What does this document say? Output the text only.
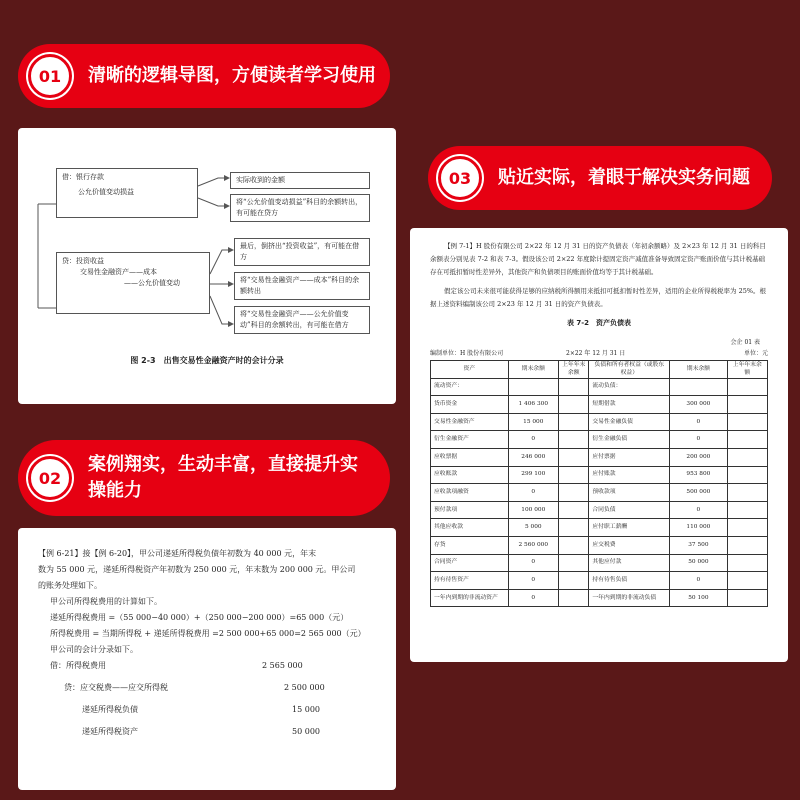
01	清晰的逻辑导图，方便读者学习使用
借：银行存款
公允价值变动损益
贷：投资收益
交易性金融资产——成本
——公允价值变动
实际收到的金额
将“公允价值变动损益”科目的余额转出，有可能在贷方
最后，倒挤出“投资收益”，有可能在借方
将“交易性金融资产——成本”科目的余额转出
将“交易性金融资产——公允价值变动”科目的余额转出，有可能在借方
图 2-3　出售交易性金融资产时的会计分录
02
案例翔实，生动丰富，直接提升实操能力
【例 6-21】接【例 6-20】，甲公司递延所得税负债年初数为 40 000 元，年末
数为 55 000 元，递延所得税资产年初数为 250 000 元，年末数为 200 000 元。甲公司
的账务处理如下。
甲公司所得税费用的计算如下。
递延所得税费用 =（55 000−40 000）+（250 000−200 000）=65 000（元）
所得税费用 = 当期所得税 + 递延所得税费用 =2 500 000+65 000=2 565 000（元）
甲公司的会计分录如下。
借：所得税费用	2 565 000
贷：应交税费——应交所得税	2 500 000
递延所得税负债	15 000
递延所得税资产	50 000
03	贴近实际，着眼于解决实务问题

【例 7-1】H 股份有限公司 2×22 年 12 月 31 日的资产负债表（年初余额略）及 2×23 年 12 月 31 日的科目余额表分别见表 7-2 和表 7-3。假设该公司 2×22 年度除计提固定资产减值准备导致固定资产账面价值与其计税基础存在可抵扣暂时性差异外，其他资产和负债项目的账面价值均等于其计税基础。

假定该公司未来很可能获得足够的应纳税所得额用来抵扣可抵扣暂时性差异，适用的企业所得税税率为 25%。根据上述资料编制该公司 2×23 年 12 月 31 日的资产负债表。

表 7-2　资产负债表
会企 01 表
编制单位：H 股份有限公司	2×22 年 12 月 31 日	单位：元
资产	期末余额	上年年末余额	负债和所有者权益（或股东权益）	期末余额	上年年末余额
流动资产：			流动负债：		
货币资金	1 406 300		短期借款	300 000	
交易性金融资产	15 000		交易性金融负债	0	
衍生金融资产	0		衍生金融负债	0	
应收票据	246 000		应付票据	200 000	
应收账款	299 100		应付账款	953 800	
应收款项融资	0		预收款项	500 000	
预付款项	100 000		合同负债	0	
其他应收款	5 000		应付职工薪酬	110 000	
存货	2 560 000		应交税费	37 500	
合同资产	0		其他应付款	50 000	
持有待售资产	0		持有待售负债	0	
一年内到期的非流动资产	0		一年内到期的非流动负债	50 100	
